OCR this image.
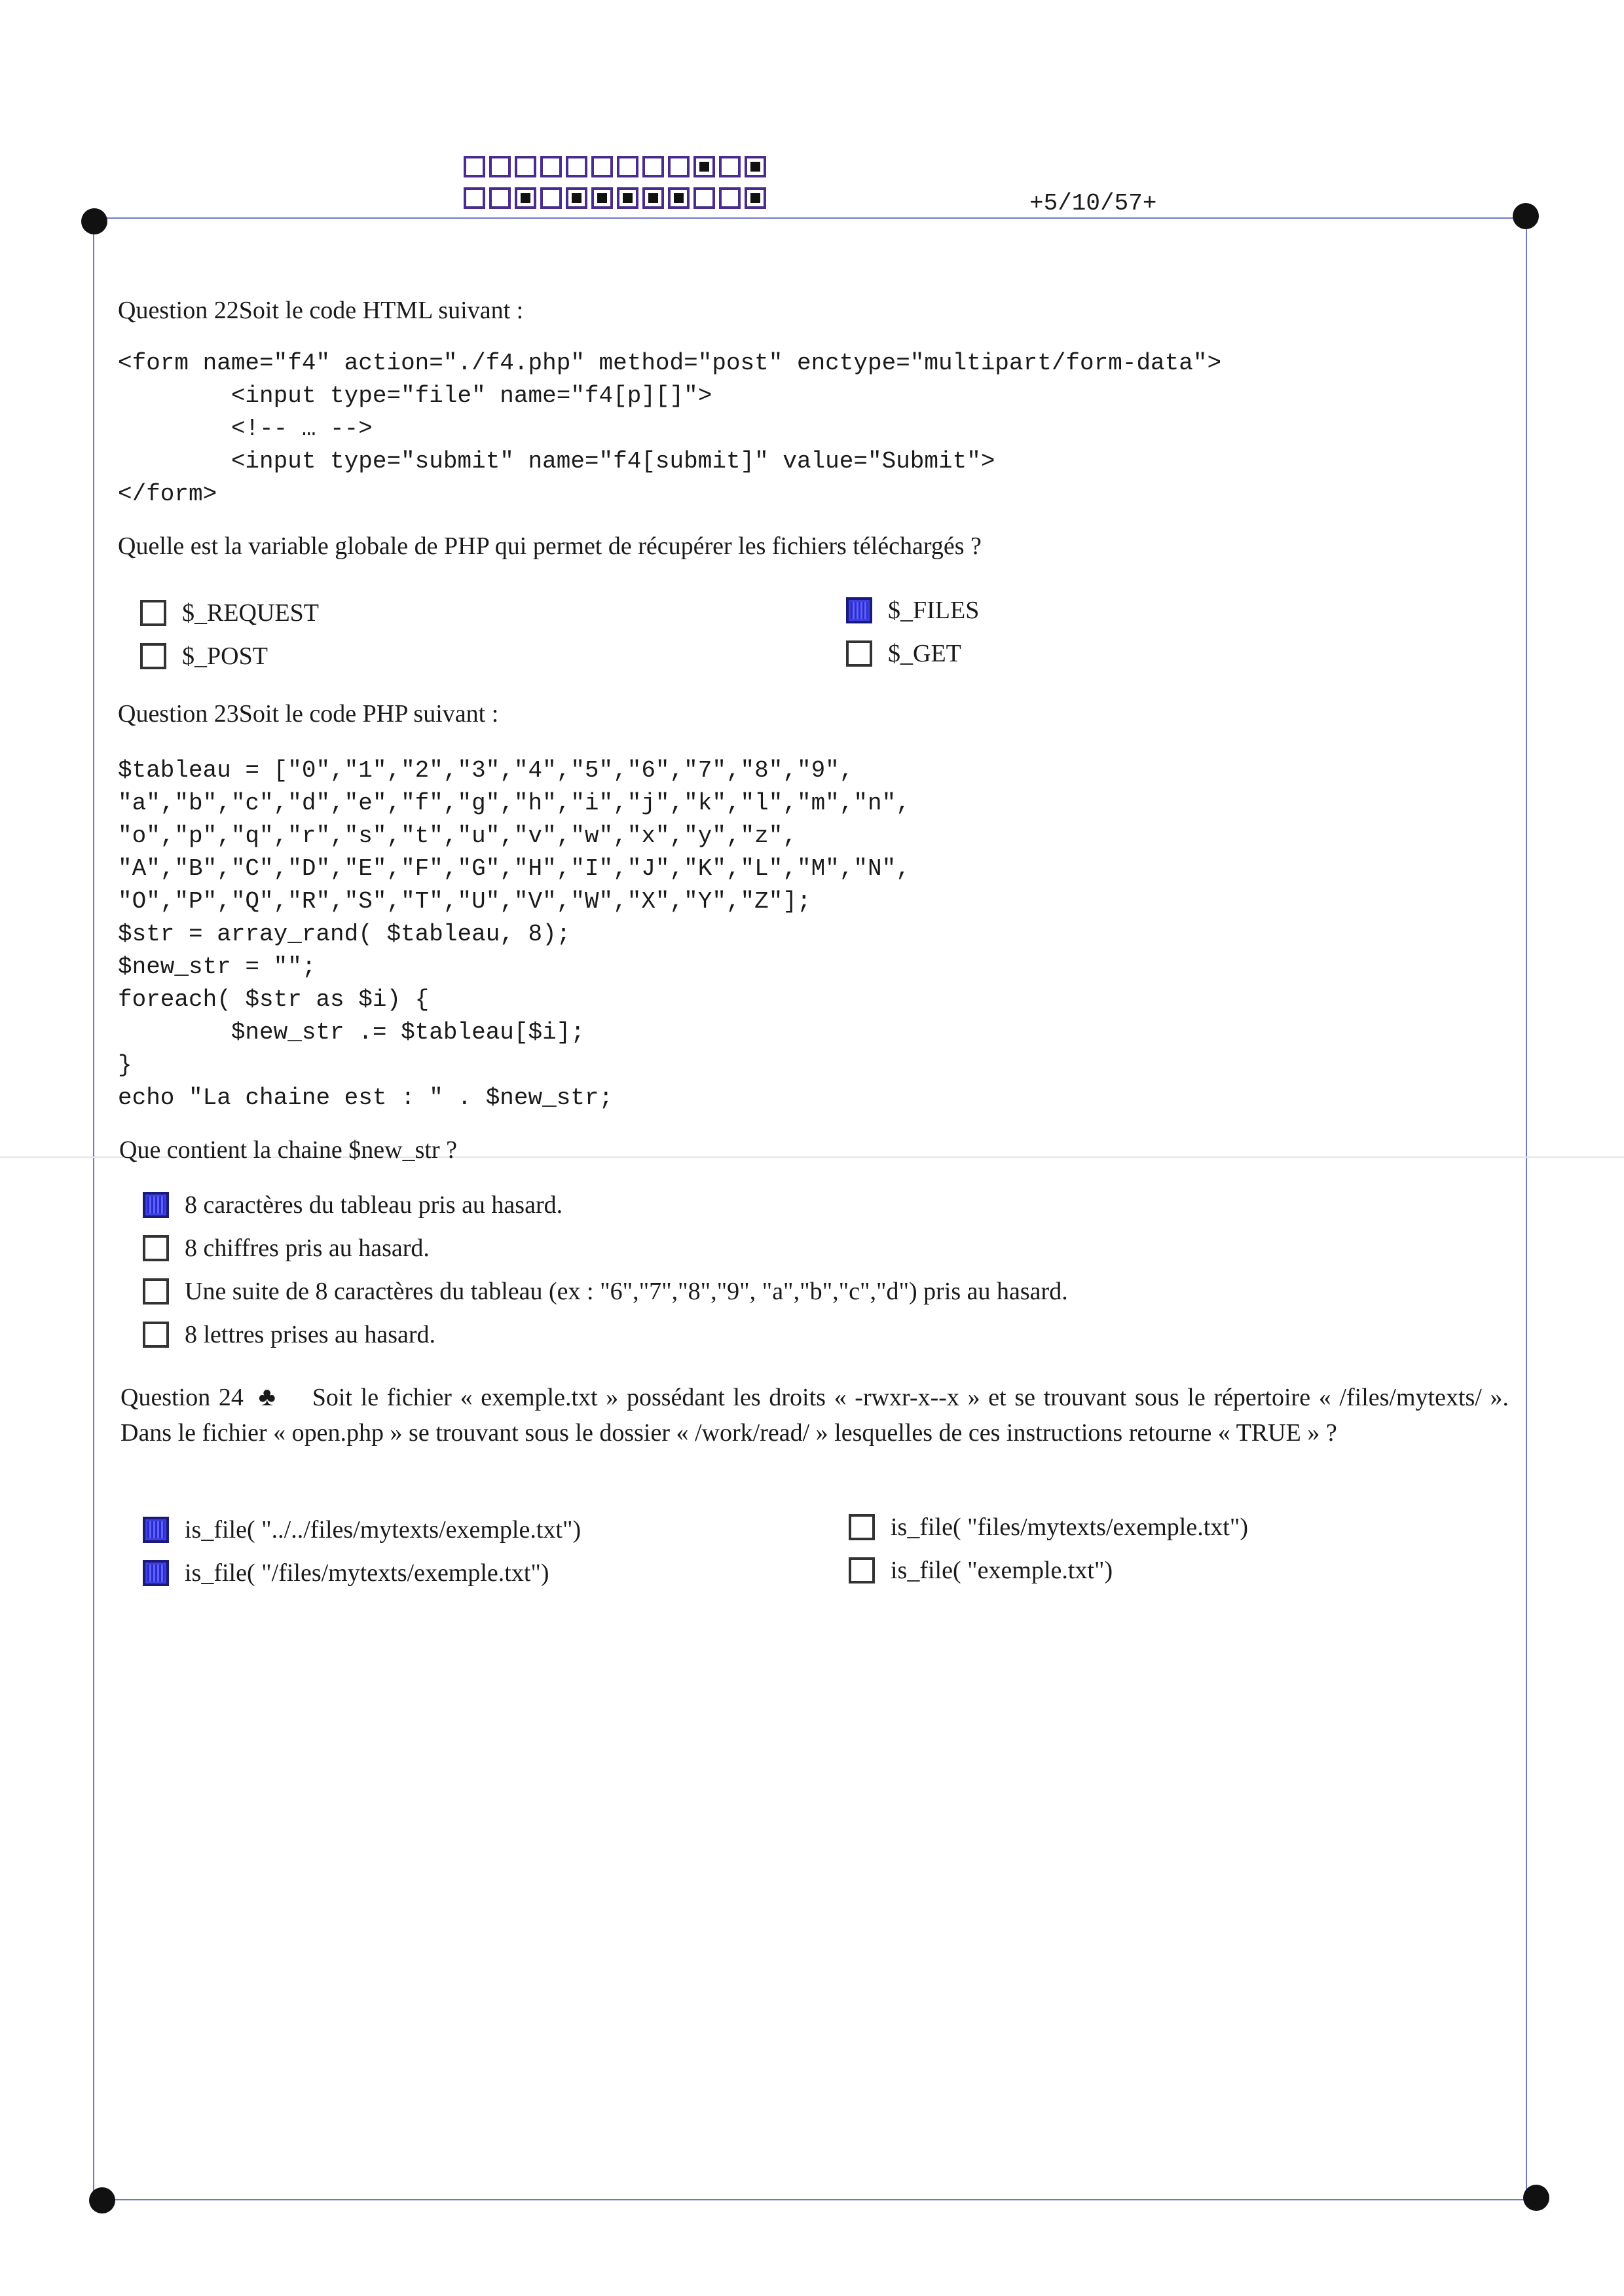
+5/10/57+
Question 22Soit le code HTML suivant :
<form name="f4" action="./f4.php" method="post" enctype="multipart/form-data">
<input type="file" name="f4[p][]">
<!-- … -->
<input type="submit" name="f4[submit]" value="Submit">
</form>
Quelle est la variable globale de PHP qui permet de récupérer les fichiers téléchargés ?
$_REQUEST
$_POST
$_FILES
$_GET
Question 23Soit le code PHP suivant :
$tableau = ["0","1","2","3","4","5","6","7","8","9",
"a","b","c","d","e","f","g","h","i","j","k","l","m","n",
"o","p","q","r","s","t","u","v","w","x","y","z",
"A","B","C","D","E","F","G","H","I","J","K","L","M","N",
"O","P","Q","R","S","T","U","V","W","X","Y","Z"];
$str = array_rand( $tableau, 8);
$new_str = "";
foreach( $str as $i) {
$new_str .= $tableau[$i];
}
echo "La chaine est : " . $new_str;
Que contient la chaine $new_str ?
8 caractères du tableau pris au hasard.
8 chiffres pris au hasard.
Une suite de 8 caractères du tableau (ex : "6","7","8","9", "a","b","c","d") pris au hasard.
8 lettres prises au hasard.
Question 24 ♣ Soit le fichier « exemple.txt » possédant les droits « -rwxr-x--x » et se trouvant sous le répertoire « /files/mytexts/ ». Dans le fichier « open.php » se trouvant sous le dossier « /work/read/ » lesquelles de ces instructions retourne « TRUE » ?
is_file( "../../files/mytexts/exemple.txt")
is_file( "/files/mytexts/exemple.txt")
is_file( "files/mytexts/exemple.txt")
is_file( "exemple.txt")
